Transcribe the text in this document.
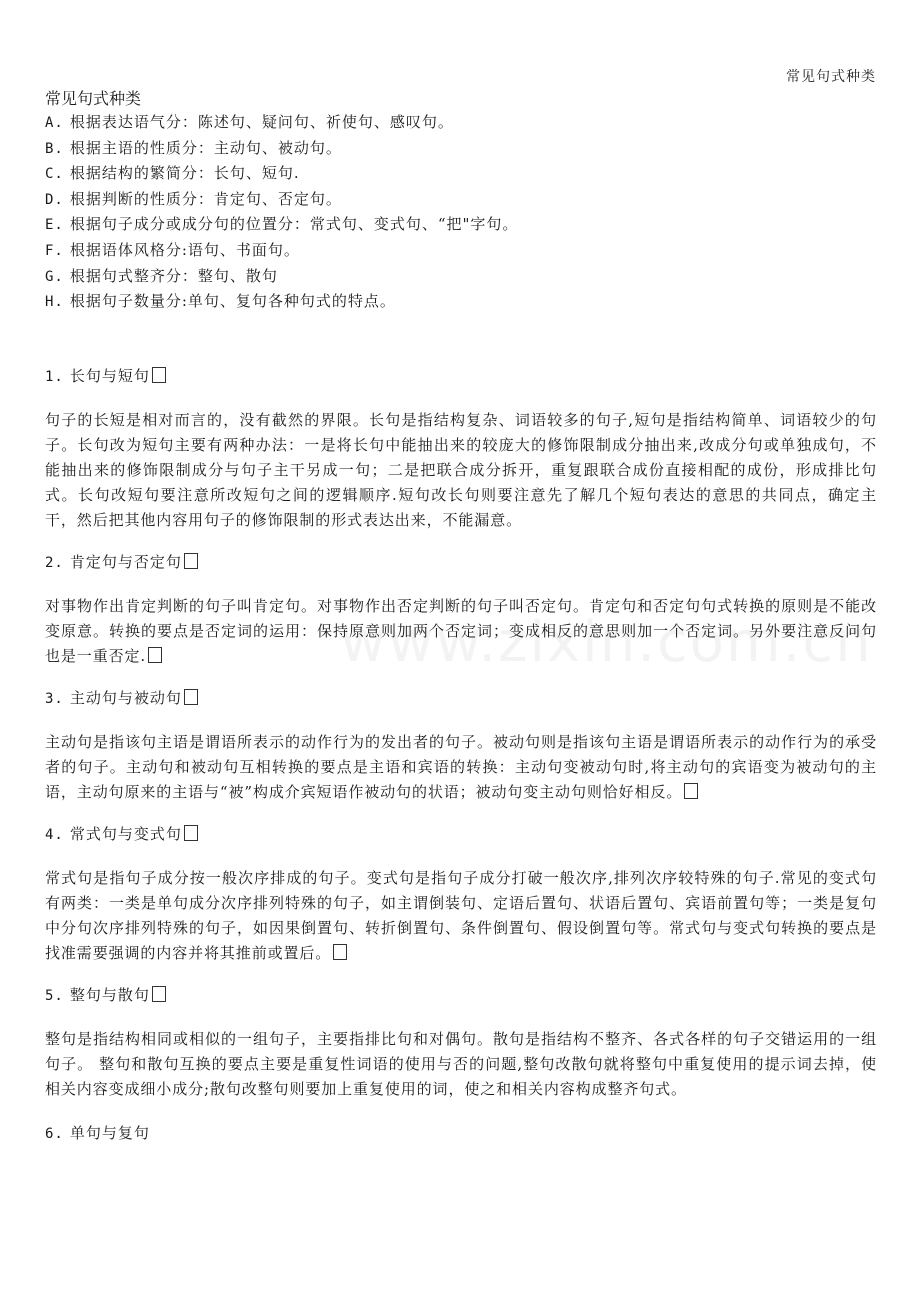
常见句式种类

常见句式种类

A. 根据表达语气分：陈述句、疑问句、祈使句、感叹句。
B. 根据主语的性质分：主动句、被动句。
C. 根据结构的繁简分：长句、短句.
D. 根据判断的性质分：肯定句、否定句。
E. 根据句子成分或成分句的位置分：常式句、变式句、“把"字句。
F. 根据语体风格分:语句、书面句。
G. 根据句式整齐分：整句、散句
H. 根据句子数量分:单句、复句各种句式的特点。

1. 长句与短句

句子的长短是相对而言的，没有截然的界限。长句是指结构复杂、词语较多的句子,短句是指结构简单、词语较少的句子。长句改为短句主要有两种办法：一是将长句中能抽出来的较庞大的修饰限制成分抽出来,改成分句或单独成句，不能抽出来的修饰限制成分与句子主干另成一句；二是把联合成分拆开，重复跟联合成份直接相配的成份，形成排比句式。长句改短句要注意所改短句之间的逻辑顺序.短句改长句则要注意先了解几个短句表达的意思的共同点，确定主干，然后把其他内容用句子的修饰限制的形式表达出来，不能漏意。

2. 肯定句与否定句

对事物作出肯定判断的句子叫肯定句。对事物作出否定判断的句子叫否定句。肯定句和否定句句式转换的原则是不能改变原意。转换的要点是否定词的运用：保持原意则加两个否定词；变成相反的意思则加一个否定词。另外要注意反问句也是一重否定.

3. 主动句与被动句

主动句是指该句主语是谓语所表示的动作行为的发出者的句子。被动句则是指该句主语是谓语所表示的动作行为的承受者的句子。主动句和被动句互相转换的要点是主语和宾语的转换：主动句变被动句时,将主动句的宾语变为被动句的主语，主动句原来的主语与“被”构成介宾短语作被动句的状语；被动句变主动句则恰好相反。

4. 常式句与变式句

常式句是指句子成分按一般次序排成的句子。变式句是指句子成分打破一般次序,排列次序较特殊的句子.常见的变式句有两类：一类是单句成分次序排列特殊的句子，如主谓倒装句、定语后置句、状语后置句、宾语前置句等；一类是复句中分句次序排列特殊的句子，如因果倒置句、转折倒置句、条件倒置句、假设倒置句等。常式句与变式句转换的要点是找准需要强调的内容并将其推前或置后。

5. 整句与散句

整句是指结构相同或相似的一组句子，主要指排比句和对偶句。散句是指结构不整齐、各式各样的句子交错运用的一组句子。 整句和散句互换的要点主要是重复性词语的使用与否的问题,整句改散句就将整句中重复使用的提示词去掉，使相关内容变成细小成分;散句改整句则要加上重复使用的词，使之和相关内容构成整齐句式。

6. 单句与复句
